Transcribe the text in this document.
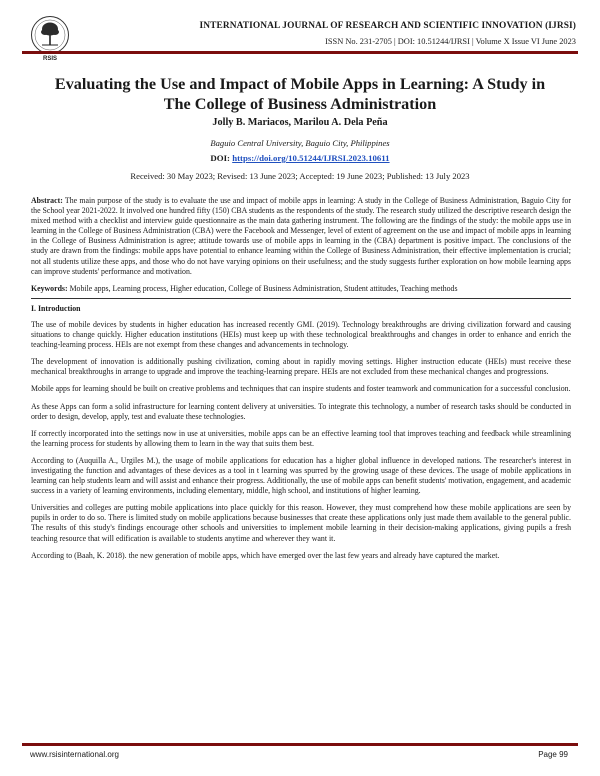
RSIS
INTERNATIONAL JOURNAL OF RESEARCH AND SCIENTIFIC INNOVATION (IJRSI)
ISSN No. 231-2705 | DOI: 10.51244/IJRSI | Volume X Issue VI June 2023
Evaluating the Use and Impact of Mobile Apps in Learning: A Study in The College of Business Administration
Jolly B. Mariacos, Marilou A. Dela Peña
Baguio Central University, Baguio City, Philippines
DOI: https://doi.org/10.51244/IJRSI.2023.10611
Received: 30 May 2023; Revised: 13 June 2023; Accepted: 19 June 2023; Published: 13 July 2023

Abstract: The main purpose of the study is to evaluate the use and impact of mobile apps in learning: A study in the College of Business Administration, Baguio City for the School year 2021-2022. It involved one hundred fifty (150) CBA students as the respondents of the study. The research study utilized the descriptive research design the mixed method with a checklist and interview guide questionnaire as the main data gathering instrument. The following are the findings of the study: the mobile apps use in learning in the College of Business Administration (CBA) were the Facebook and Messenger, level of extent of agreement on the use and impact of mobile apps in learning in the College of Business Administration is agree; attitude towards use of mobile apps in learning in the (CBA) department is positive impact. The conclusions of the study are drawn from the findings: mobile apps have potential to enhance learning within the College of Business Administration, their effective implementation is crucial; not all students utilize these apps, and those who do not have varying opinions on their usefulness; and the study suggests further exploration on how mobile learning apps can improve students' performance and motivation.

Keywords: Mobile apps, Learning process, Higher education, College of Business Administration, Student attitudes, Teaching methods

I. Introduction

The use of mobile devices by students in higher education has increased recently GMI. (2019). Technology breakthroughs are driving civilization forward and causing situations to change quickly. Higher education institutions (HEIs) must keep up with these technological breakthroughs and changes in order to enhance and enrich the teaching-learning process. HEIs are not exempt from these changes and advancements in technology.

The development of innovation is additionally pushing civilization, coming about in rapidly moving settings. Higher instruction educate (HEIs) must receive these mechanical breakthroughs in arrange to upgrade and improve the teaching-learning prepare. HEIs are not excluded from these mechanical changes and progressions.

Mobile apps for learning should be built on creative problems and techniques that can inspire students and foster teamwork and communication for a successful conclusion.

As these Apps can form a solid infrastructure for learning content delivery at universities. To integrate this technology, a number of research tasks should be conducted in order to design, develop, apply, test and evaluate these technologies.

If correctly incorporated into the settings now in use at universities, mobile apps can be an effective learning tool that improves teaching and feedback while streamlining the learning process for students by allowing them to learn in the way that suits them best.

According to (Auquilla A., Urgiles M.), the usage of mobile applications for education has a higher global influence in developed nations. The researcher's interest in investigating the function and advantages of these devices as a tool in t learning was spurred by the growing usage of these devices. The usage of mobile applications in learning can help students learn and will assist and enhance their progress. Additionally, the use of mobile apps can benefit students' motivation, engagement, and academic success in a variety of learning environments, including elementary, middle, high school, and institutions of higher learning.

Universities and colleges are putting mobile applications into place quickly for this reason. However, they must comprehend how these mobile applications are seen by pupils in order to do so. There is limited study on mobile applications because businesses that create these applications only just made them available to the general public. The results of this study's findings encourage other schools and universities to implement mobile learning in their decision-making applications, giving pupils a fresh teaching resource that will edification is available to students anytime and wherever they want it.

According to (Baah, K. 2018). the new generation of mobile apps, which have emerged over the last few years and already have captured the market.

www.rsisinternational.org	Page 99
